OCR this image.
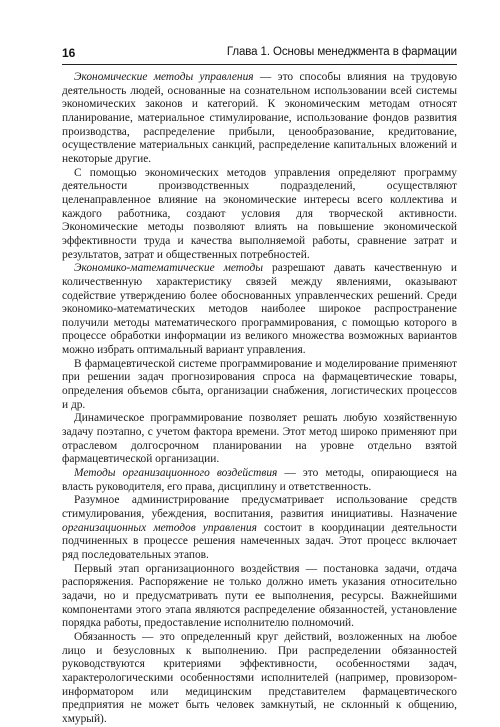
16	Глава 1. Основы менеджмента в фармации

Экономические методы управления — это способы влияния на трудовую деятельность людей, основанные на сознательном использовании всей системы экономических законов и категорий. К экономическим методам относят планирование, материальное стимулирование, использование фондов развития производства, распределение прибыли, ценообразование, кредитование, осуществление материальных санкций, распределение капитальных вложений и некоторые другие.

С помощью экономических методов управления определяют программу деятельности производственных подразделений, осуществляют целенаправленное влияние на экономические интересы всего коллектива и каждого работника, создают условия для творческой активности. Экономические методы позволяют влиять на повышение экономической эффективности труда и качества выполняемой работы, сравнение затрат и результатов, затрат и общественных потребностей.

Экономико-математические методы разрешают давать качественную и количественную характеристику связей между явлениями, оказывают содействие утверждению более обоснованных управленческих решений. Среди экономико-математических методов наиболее широкое распространение получили методы математического программирования, с помощью которого в процессе обработки информации из великого множества возможных вариантов можно избрать оптимальный вариант управления.

В фармацевтической системе программирование и моделирование применяют при решении задач прогнозирования спроса на фармацевтические товары, определения объемов сбыта, организации снабжения, логистических процессов и др.

Динамическое программирование позволяет решать любую хозяйственную задачу поэтапно, с учетом фактора времени. Этот метод широко применяют при отраслевом долгосрочном планировании на уровне отдельно взятой фармацевтической организации.

Методы организационного воздействия — это методы, опирающиеся на власть руководителя, его права, дисциплину и ответственность.

Разумное администрирование предусматривает использование средств стимулирования, убеждения, воспитания, развития инициативы. Назначение организационных методов управления состоит в координации деятельности подчиненных в процессе решения намеченных задач. Этот процесс включает ряд последовательных этапов.

Первый этап организационного воздействия — постановка задачи, отдача распоряжения. Распоряжение не только должно иметь указания относительно задачи, но и предусматривать пути ее выполнения, ресурсы. Важнейшими компонентами этого этапа являются распределение обязанностей, установление порядка работы, предоставление исполнителю полномочий.

Обязанность — это определенный круг действий, возложенных на любое лицо и безусловных к выполнению. При распределении обязанностей руководствуются критериями эффективности, особенностями задач, характерологическими особенностями исполнителей (например, провизором-информатором или медицинским представителем фармацевтического предприятия не может быть человек замкнутый, не склонный к общению, хмурый).
